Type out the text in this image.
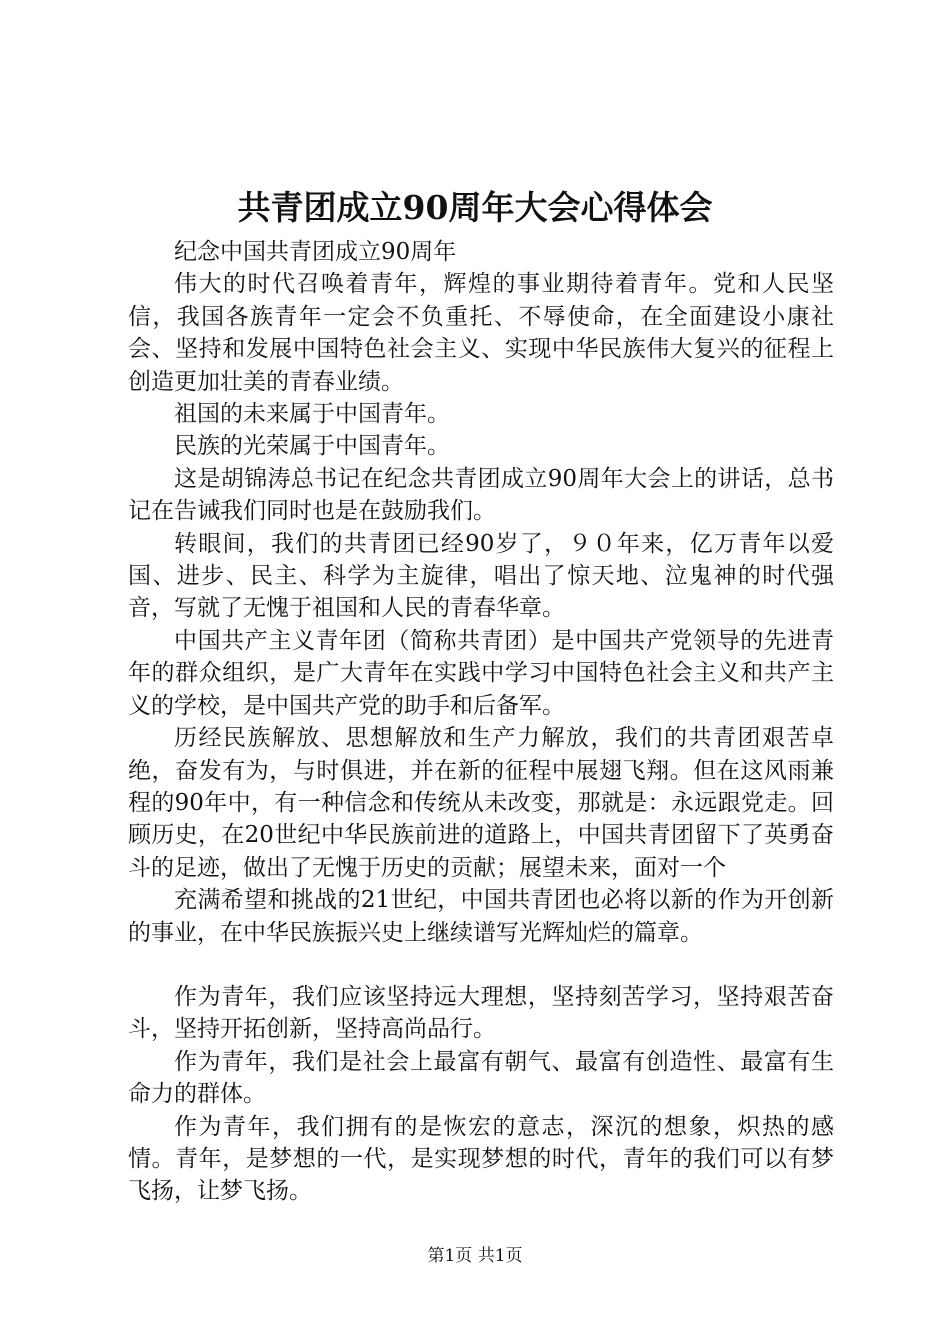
共青团成立90周年大会心得体会

纪念中国共青团成立90周年

伟大的时代召唤着青年，辉煌的事业期待着青年。党和人民坚信，我国各族青年一定会不负重托、不辱使命，在全面建设小康社会、坚持和发展中国特色社会主义、实现中华民族伟大复兴的征程上创造更加壮美的青春业绩。

祖国的未来属于中国青年。

民族的光荣属于中国青年。

这是胡锦涛总书记在纪念共青团成立90周年大会上的讲话，总书记在告诫我们同时也是在鼓励我们。

转眼间，我们的共青团已经90岁了，９０年来，亿万青年以爱国、进步、民主、科学为主旋律，唱出了惊天地、泣鬼神的时代强音，写就了无愧于祖国和人民的青春华章。

中国共产主义青年团（简称共青团）是中国共产党领导的先进青年的群众组织，是广大青年在实践中学习中国特色社会主义和共产主义的学校，是中国共产党的助手和后备军。

历经民族解放、思想解放和生产力解放，我们的共青团艰苦卓绝，奋发有为，与时俱进，并在新的征程中展翅飞翔。但在这风雨兼程的90年中，有一种信念和传统从未改变，那就是：永远跟党走。回顾历史，在20世纪中华民族前进的道路上，中国共青团留下了英勇奋斗的足迹，做出了无愧于历史的贡献；展望未来，面对一个

充满希望和挑战的21世纪，中国共青团也必将以新的作为开创新的事业，在中华民族振兴史上继续谱写光辉灿烂的篇章。

作为青年，我们应该坚持远大理想，坚持刻苦学习，坚持艰苦奋斗，坚持开拓创新，坚持高尚品行。

作为青年，我们是社会上最富有朝气、最富有创造性、最富有生命力的群体。

作为青年，我们拥有的是恢宏的意志，深沉的想象，炽热的感情。青年，是梦想的一代，是实现梦想的时代，青年的我们可以有梦飞扬，让梦飞扬。

第1页 共1页
